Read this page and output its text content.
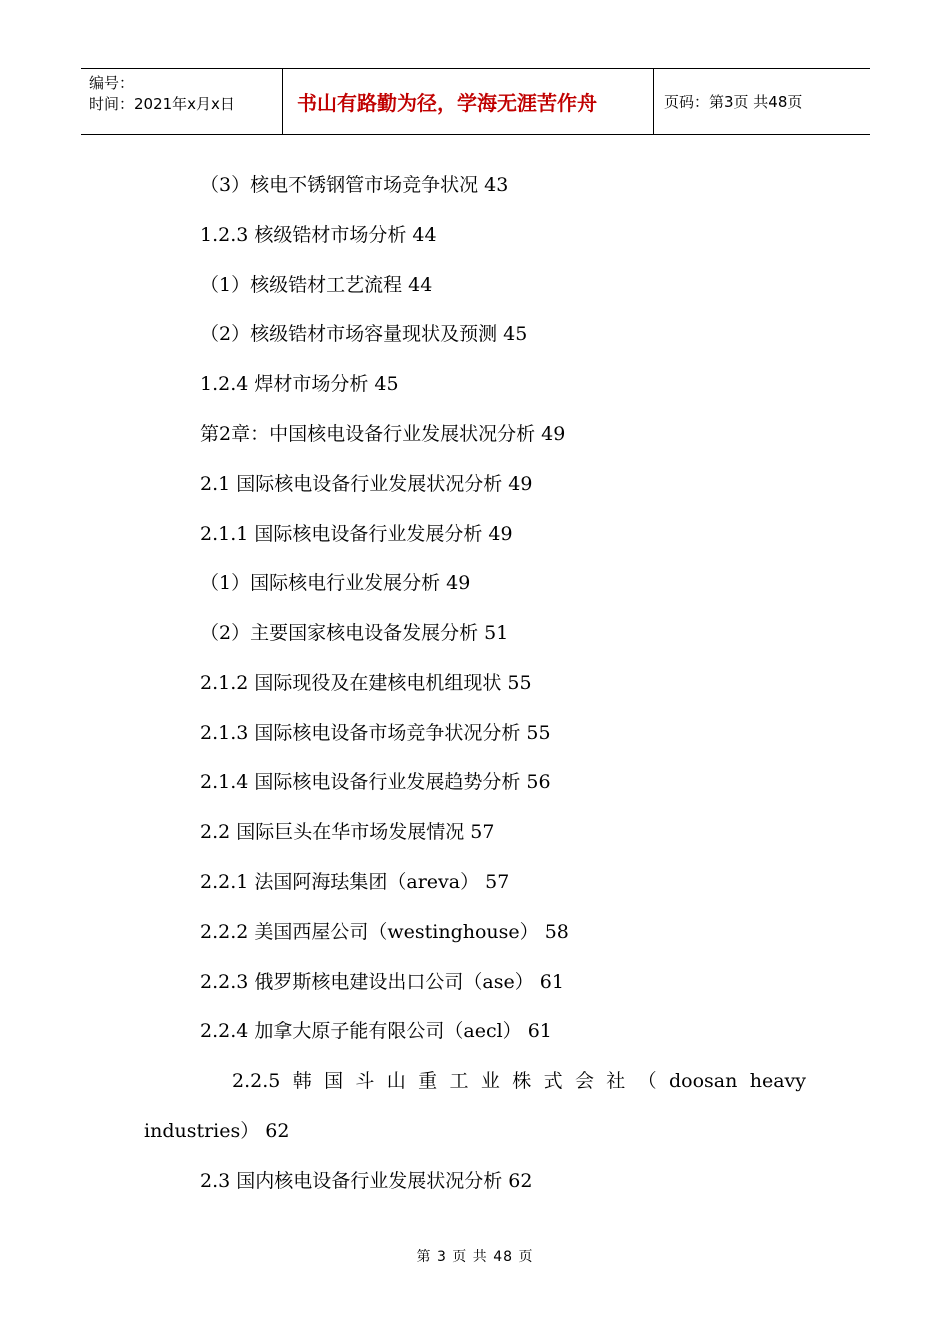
编号：
时间：2021年x月x日	书山有路勤为径，学海无涯苦作舟	页码：第3页 共48页
（3）核电不锈钢管市场竞争状况 43
1.2.3 核级锆材市场分析 44
（1）核级锆材工艺流程 44
（2）核级锆材市场容量现状及预测 45
1.2.4 焊材市场分析 45
第2章：中国核电设备行业发展状况分析 49
2.1 国际核电设备行业发展状况分析 49
2.1.1 国际核电设备行业发展分析 49
（1）国际核电行业发展分析 49
（2）主要国家核电设备发展分析 51
2.1.2 国际现役及在建核电机组现状 55
2.1.3 国际核电设备市场竞争状况分析 55
2.1.4 国际核电设备行业发展趋势分析 56
2.2 国际巨头在华市场发展情况 57
2.2.1 法国阿海珐集团（areva） 57
2.2.2 美国西屋公司（westinghouse） 58
2.2.3 俄罗斯核电建设出口公司（ase） 61
2.2.4 加拿大原子能有限公司（aecl） 61
2.2.5 韩 国 斗 山 重 工 业 株 式 会 社 （ doosan heavy
industries） 62
2.3 国内核电设备行业发展状况分析 62
第 3 页 共 48 页
